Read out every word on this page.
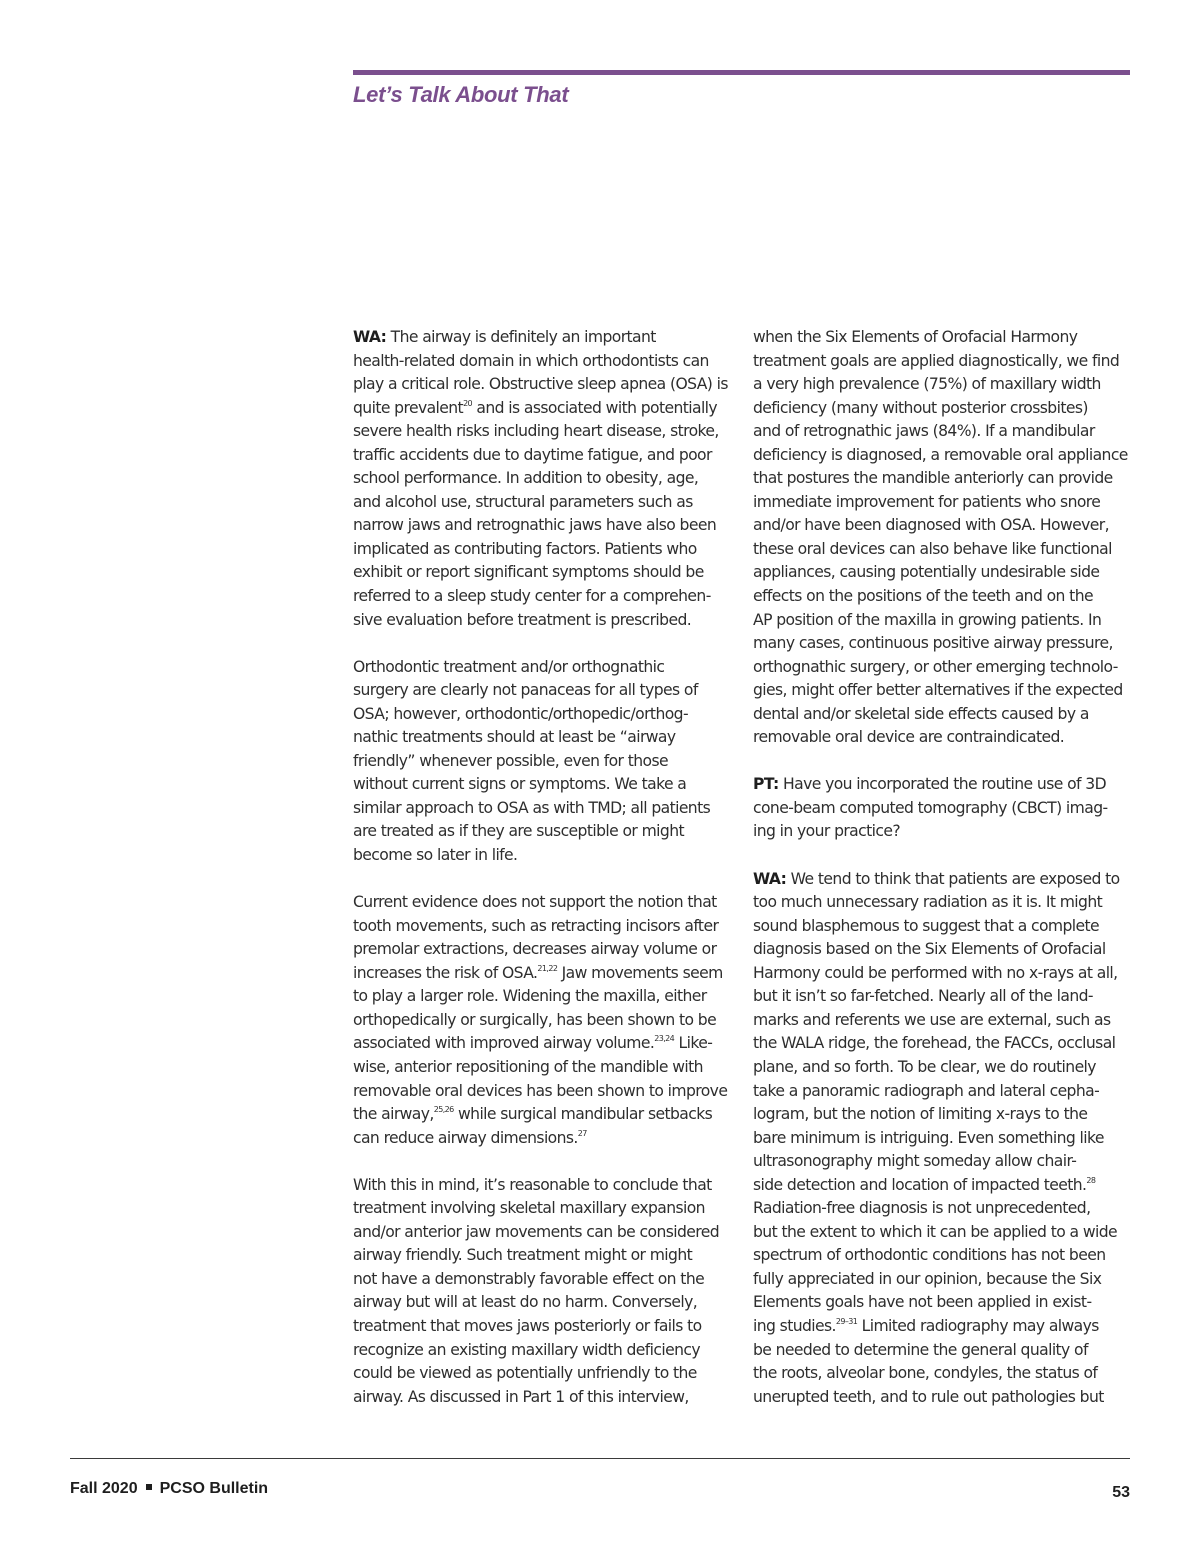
Let’s Talk About That
WA: The airway is definitely an important
health-related domain in which orthodontists can
play a critical role. Obstructive sleep apnea (OSA) is
quite prevalent$^{20}$ and is associated with potentially
severe health risks including heart disease, stroke,
traffic accidents due to daytime fatigue, and poor
school performance. In addition to obesity, age,
and alcohol use, structural parameters such as
narrow jaws and retrognathic jaws have also been
implicated as contributing factors. Patients who
exhibit or report significant symptoms should be
referred to a sleep study center for a comprehen-
sive evaluation before treatment is prescribed.
Orthodontic treatment and/or orthognathic
surgery are clearly not panaceas for all types of
OSA; however, orthodontic/orthopedic/orthog-
nathic treatments should at least be “airway
friendly” whenever possible, even for those
without current signs or symptoms. We take a
similar approach to OSA as with TMD; all patients
are treated as if they are susceptible or might
become so later in life.
Current evidence does not support the notion that
tooth movements, such as retracting incisors after
premolar extractions, decreases airway volume or
increases the risk of OSA.$^{21,22}$ Jaw movements seem
to play a larger role. Widening the maxilla, either
orthopedically or surgically, has been shown to be
associated with improved airway volume.$^{23,24}$ Like-
wise, anterior repositioning of the mandible with
removable oral devices has been shown to improve
the airway,$^{25,26}$ while surgical mandibular setbacks
can reduce airway dimensions.$^{27}$
With this in mind, it’s reasonable to conclude that
treatment involving skeletal maxillary expansion
and/or anterior jaw movements can be considered
airway friendly. Such treatment might or might
not have a demonstrably favorable effect on the
airway but will at least do no harm. Conversely,
treatment that moves jaws posteriorly or fails to
recognize an existing maxillary width deficiency
could be viewed as potentially unfriendly to the
airway. As discussed in Part 1 of this interview,
when the Six Elements of Orofacial Harmony
treatment goals are applied diagnostically, we find
a very high prevalence (75%) of maxillary width
deficiency (many without posterior crossbites)
and of retrognathic jaws (84%). If a mandibular
deficiency is diagnosed, a removable oral appliance
that postures the mandible anteriorly can provide
immediate improvement for patients who snore
and/or have been diagnosed with OSA. However,
these oral devices can also behave like functional
appliances, causing potentially undesirable side
effects on the positions of the teeth and on the
AP position of the maxilla in growing patients. In
many cases, continuous positive airway pressure,
orthognathic surgery, or other emerging technolo-
gies, might offer better alternatives if the expected
dental and/or skeletal side effects caused by a
removable oral device are contraindicated.
PT: Have you incorporated the routine use of 3D
cone-beam computed tomography (CBCT) imag-
ing in your practice?
WA: We tend to think that patients are exposed to
too much unnecessary radiation as it is. It might
sound blasphemous to suggest that a complete
diagnosis based on the Six Elements of Orofacial
Harmony could be performed with no x-rays at all,
but it isn’t so far-fetched. Nearly all of the land-
marks and referents we use are external, such as
the WALA ridge, the forehead, the FACCs, occlusal
plane, and so forth. To be clear, we do routinely
take a panoramic radiograph and lateral cepha-
logram, but the notion of limiting x-rays to the
bare minimum is intriguing. Even something like
ultrasonography might someday allow chair-
side detection and location of impacted teeth.$^{28}$
Radiation-free diagnosis is not unprecedented,
but the extent to which it can be applied to a wide
spectrum of orthodontic conditions has not been
fully appreciated in our opinion, because the Six
Elements goals have not been applied in exist-
ing studies.$^{29-31}$ Limited radiography may always
be needed to determine the general quality of
the roots, alveolar bone, condyles, the status of
unerupted teeth, and to rule out pathologies but
Fall 2020 PCSO Bulletin	53
